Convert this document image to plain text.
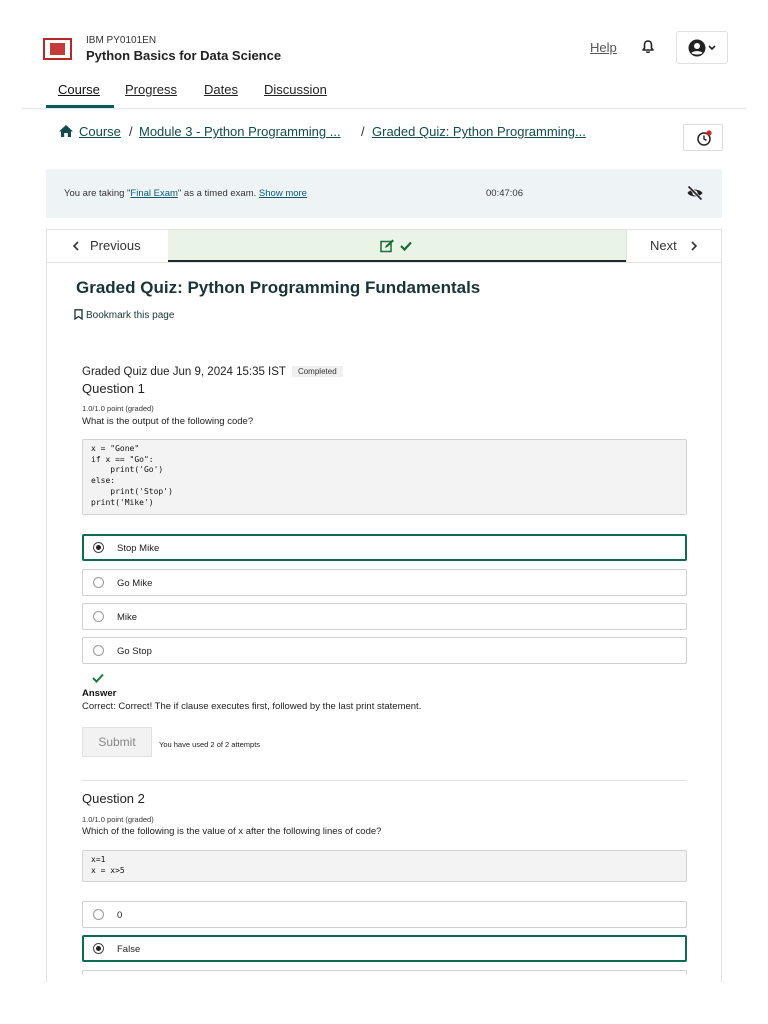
IBM PY0101EN
Python Basics for Data Science
Help
Course Progress Dates Discussion
Course / Module 3 - Python Programming ... / Graded Quiz: Python Programming...
You are taking "Final Exam" as a timed exam. Show more	00:47:06
Previous	Next
Graded Quiz: Python Programming Fundamentals
Bookmark this page
Graded Quiz due Jun 9, 2024 15:35 IST Completed
Question 1
1.0/1.0 point (graded)
What is the output of the following code?
x = "Gone"
if x == "Go":
print('Go')
else:
print('Stop')
print('Mike')
Stop Mike
Go Mike
Mike
Go Stop
Answer
Correct: Correct! The if clause executes first, followed by the last print statement.
Submit	You have used 2 of 2 attempts
Question 2
1.0/1.0 point (graded)
Which of the following is the value of x after the following lines of code?
x=1
x = x>5
0
False
